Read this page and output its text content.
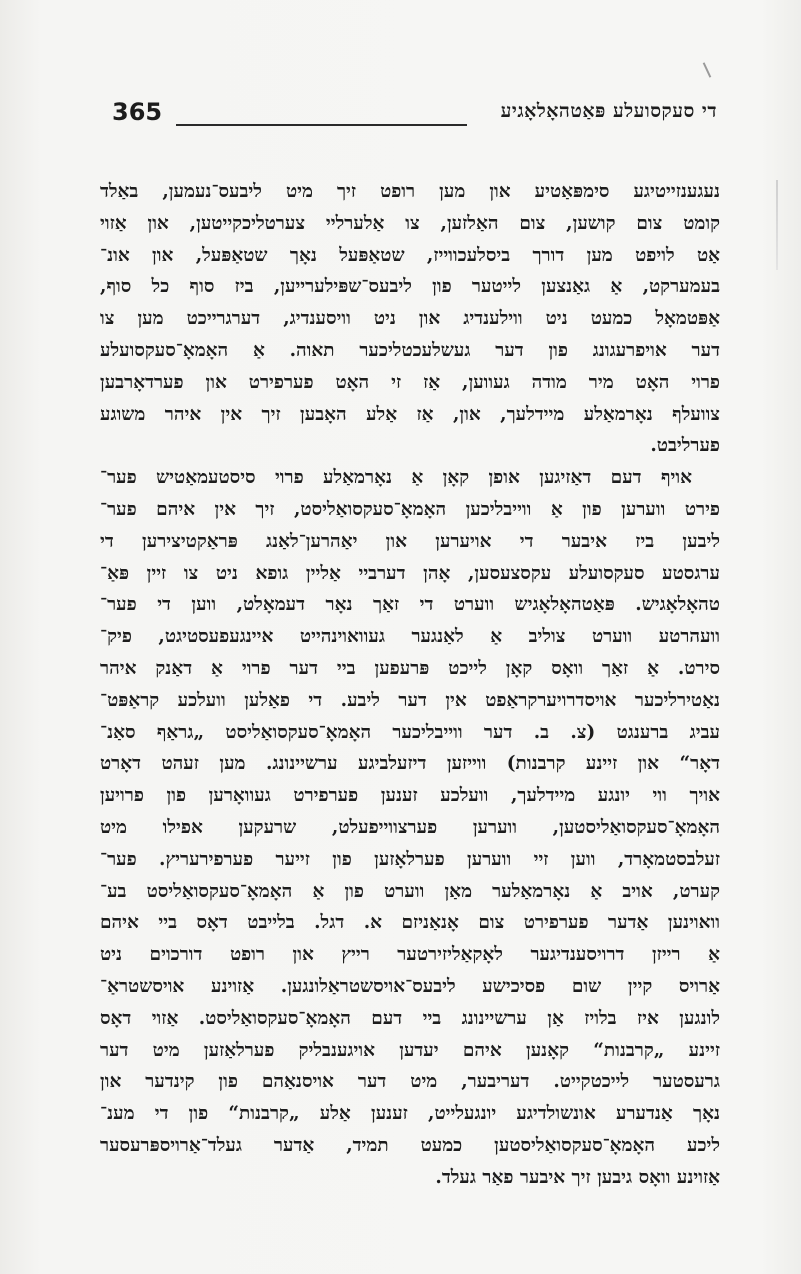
די סעקסועלע פּאַטהאָלאָגיע
365

נעגענזייטיגע סימפּאַטיע און מען רופט זיך מיט ליבעס־נעמען, באַלד
קומט צום קושען, צום האַלזען, צו אַלערליי צערטליכקייטען, און אַזוי
אַט לויפט מען דורך ביסלעכווייז, שטאַפּעל נאָך שטאַפּעל, און אונ־
בעמערקט, אַ גאַנצען לייטער פון ליבעס־שפּילערייען, ביז סוף כל סוף,
אַפּטמאָל כמעט ניט ווילענדיג און ניט וויסענדיג, דערגרייכט מען צו
דער אויפרעגונג פון דער געשלעכטליכער תאוה. אַ האָמאָ־סעקסועלע
פרוי האָט מיר מודה געווען, אַז זי האָט פערפירט און פערדאָרבען
צוועלף נאָרמאַלע מיידלעך, און, אַז אַלע האָבען זיך אין איהר משוגע
פערליבט.

אויף דעם דאַזיגען אופן קאָן אַ נאָרמאַלע פרוי סיסטעמאַטיש פער־
פירט ווערען פון אַ ווייבליכען האָמאָ־סעקסואַליסט, זיך אין איהם פער־
ליבען ביז איבער די אויערען און יאַהרען־לאַנג פּראַקטיצירען די
ערגסטע סעקסועלע עקסצעסען, אָהן דערביי אַליין גופא ניט צו זיין פּאַ־
טהאָלאָגיש. פּאַטהאָלאָגיש ווערט די זאַך נאָר דעמאָלט, ווען די פער־
וועהרטע ווערט צוליב אַ לאַנגער געוואוינהייט איינגעפעסטיגט, פיק־
סירט. אַ זאַך וואָס קאָן לייכט פּרעפען ביי דער פרוי אַ דאַנק איהר
נאַטירליכער אויסדרויערקראַפט אין דער ליבע. די פאַלען וועלכע קראַפּט־
עביג ברענגט (צ. ב. דער ווייבליכער האָמאָ־סעקסואַליסט „גראַף סאַנ־
דאָר“ און זיינע קרבנות) ווייזען דיזעלביגע ערשיינונג. מען זעהט דאָרט
אויך ווי יונגע מיידלעך, וועלכע זענען פערפירט געוואָרען פון פרויען
האָמאָ־סעקסואַליסטען, ווערען פערצווייפעלט, שרעקען אפילו מיט
זעלבסטמאָרד, ווען זיי ווערען פערלאָזען פון זייער פערפירעריץ. פער־
קערט, אויב אַ נאָרמאַלער מאַן ווערט פון אַ האָמאָ־סעקסואַליסט בע־
וואוינען אַדער פערפירט צום אָנאַניזם א. דגל. בלייבט דאָס ביי איהם
אַ רייזן דרויסענדיגער לאָקאַליזירטער רייץ און רופט דורכוים ניט
אַרויס קיין שום פסיכישע ליבעס־אויסשטראַלונגען. אַזוינע אויסשטראַ־
לונגען איז בלויז אַן ערשיינונג ביי דעם האָמאָ־סעקסואַליסט. אַזוי דאָס
זיינע „קרבנות“ קאָנען איהם יעדען אויגענבליק פערלאַזען מיט דער
גרעסטער לייכטקייט. דעריבער, מיט דער אויסנאַהם פון קינדער און
נאָך אַנדערע אונשולדיגע יונגעלייט, זענען אַלע „קרבנות“ פון די מענ־
ליכע האָמאָ־סעקסואַליסטען כמעט תמיד, אַדער געלד־אַרויספּרעסער
אַזוינע וואָס גיבען זיך איבער פאַר געלד.
